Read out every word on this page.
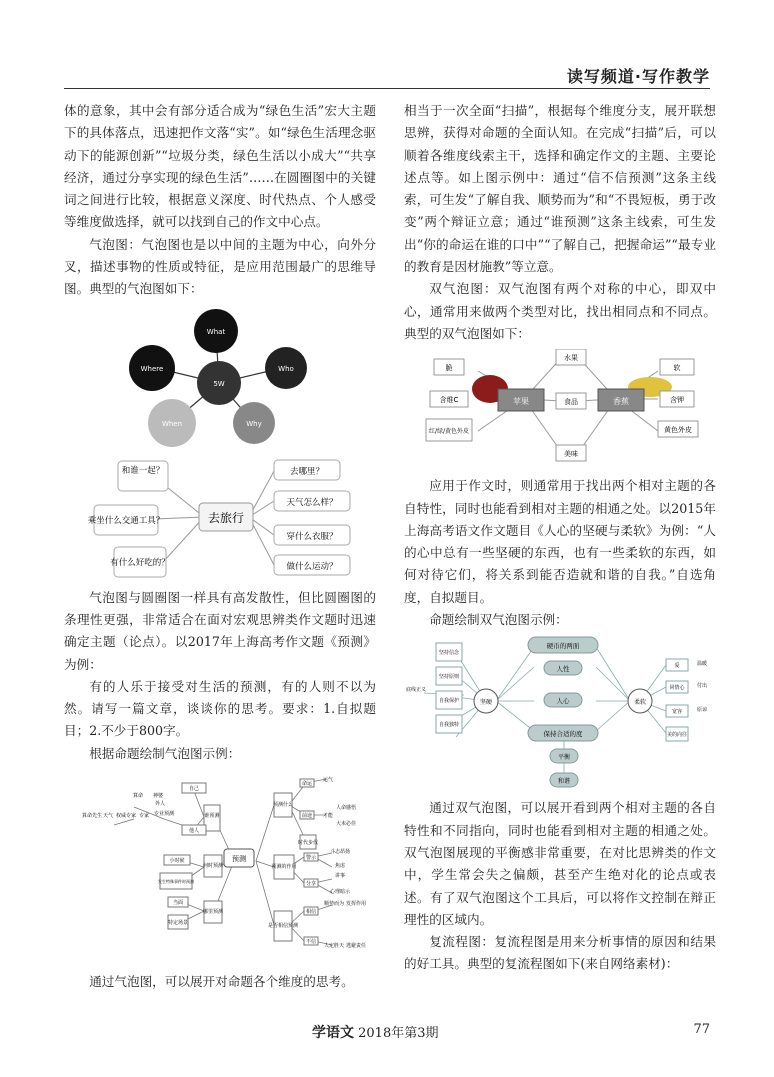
读写频道·写作教学

体的意象，其中会有部分适合成为“绿色生活”宏大主题下的具体落点，迅速把作文落“实”。如“绿色生活理念驱动下的能源创新”“垃圾分类，绿色生活以小成大”“共享经济，通过分享实现的绿色生活”……在圆圈图中的关键词之间进行比较，根据意义深度、时代热点、个人感受等维度做选择，就可以找到自己的作文中心点。

气泡图：气泡图也是以中间的主题为中心，向外分叉，描述事物的性质或特征，是应用范围最广的思维导图。典型的气泡图如下：

What
Where	Who
When	Why
5W
去旅行
和谁一起？
乘坐什么交通工具？
有什么好吃的？
去哪里？
天气怎么样？
穿什么衣服？
做什么运动？

气泡图与圆圈图一样具有高发散性，但比圆圈图的条理性更强，非常适合在面对宏观思辨类作文题时迅速确定主题（论点）。以2017年上海高考作文题《预测》为例：

有的人乐于接受对生活的预测，有的人则不以为然。请写一篇文章，谈谈你的思考。要求：1.自拟题目；2.不少于800字。

根据命题绘制气泡图示例：

预测
谁预测
自己
他人
专业预测
外人
算命 神婆
权威专家 专家
算命先生 天气
何时预测
小时候
发生特殊事件时预测
哪里预测
当面
特定场景
预测什么
命运
前途
时代步伐
运气
才能
人命感悟
大未必佳
预测的作用
警示
分享
斗志昂扬
焦虑
讲事
心理暗示
是否相信预测
相信
不信
顺势而为 发挥作用
人定胜天 逃避责任

通过气泡图，可以展开对命题各个维度的思考。

相当于一次全面“扫描”，根据每个维度分支，展开联想思辨，获得对命题的全面认知。在完成“扫描”后，可以顺着各维度线索主干，选择和确定作文的主题、主要论述点等。如上图示例中：通过“信不信预测”这条主线索，可生发“了解自我、顺势而为”和“不畏短板，勇于改变”两个辩证立意；通过“谁预测”这条主线索，可生发出“你的命运在谁的口中”“了解自己，把握命运”“最专业的教育是因材施教”等立意。

双气泡图：双气泡图有两个对称的中心，即双中心，通常用来做两个类型对比，找出相同点和不同点。典型的双气泡图如下：

苹果	香蕉
水果
食品
美味
脆
含维C
红/绿/黄色外皮
软
含钾
黄色外皮

应用于作文时，则通常用于找出两个相对主题的各自特性，同时也能看到相对主题的相通之处。以2015年上海高考语文作文题目《人心的坚硬与柔软》为例：“人的心中总有一些坚硬的东西，也有一些柔软的东西，如何对待它们，将关系到能否造就和谐的自我。”自选角度，自拟题目。

命题绘制双气泡图示例：

坚硬	柔软
硬币的两面
人性
人心
保持合适的度
平衡
和谐
坚持信念
坚持原则
自我保护
自我独特
底线正义
爱
同情心
宽容
美的向往
温暖
付出
原谅

通过双气泡图，可以展开看到两个相对主题的各自特性和不同指向，同时也能看到相对主题的相通之处。双气泡图展现的平衡感非常重要，在对比思辨类的作文中，学生常会失之偏颇，甚至产生绝对化的论点或表述。有了双气泡图这个工具后，可以将作文控制在辩正理性的区域内。

复流程图：复流程图是用来分析事情的原因和结果的好工具。典型的复流程图如下(来自网络素材)：

学语文 2018年第3期	77
